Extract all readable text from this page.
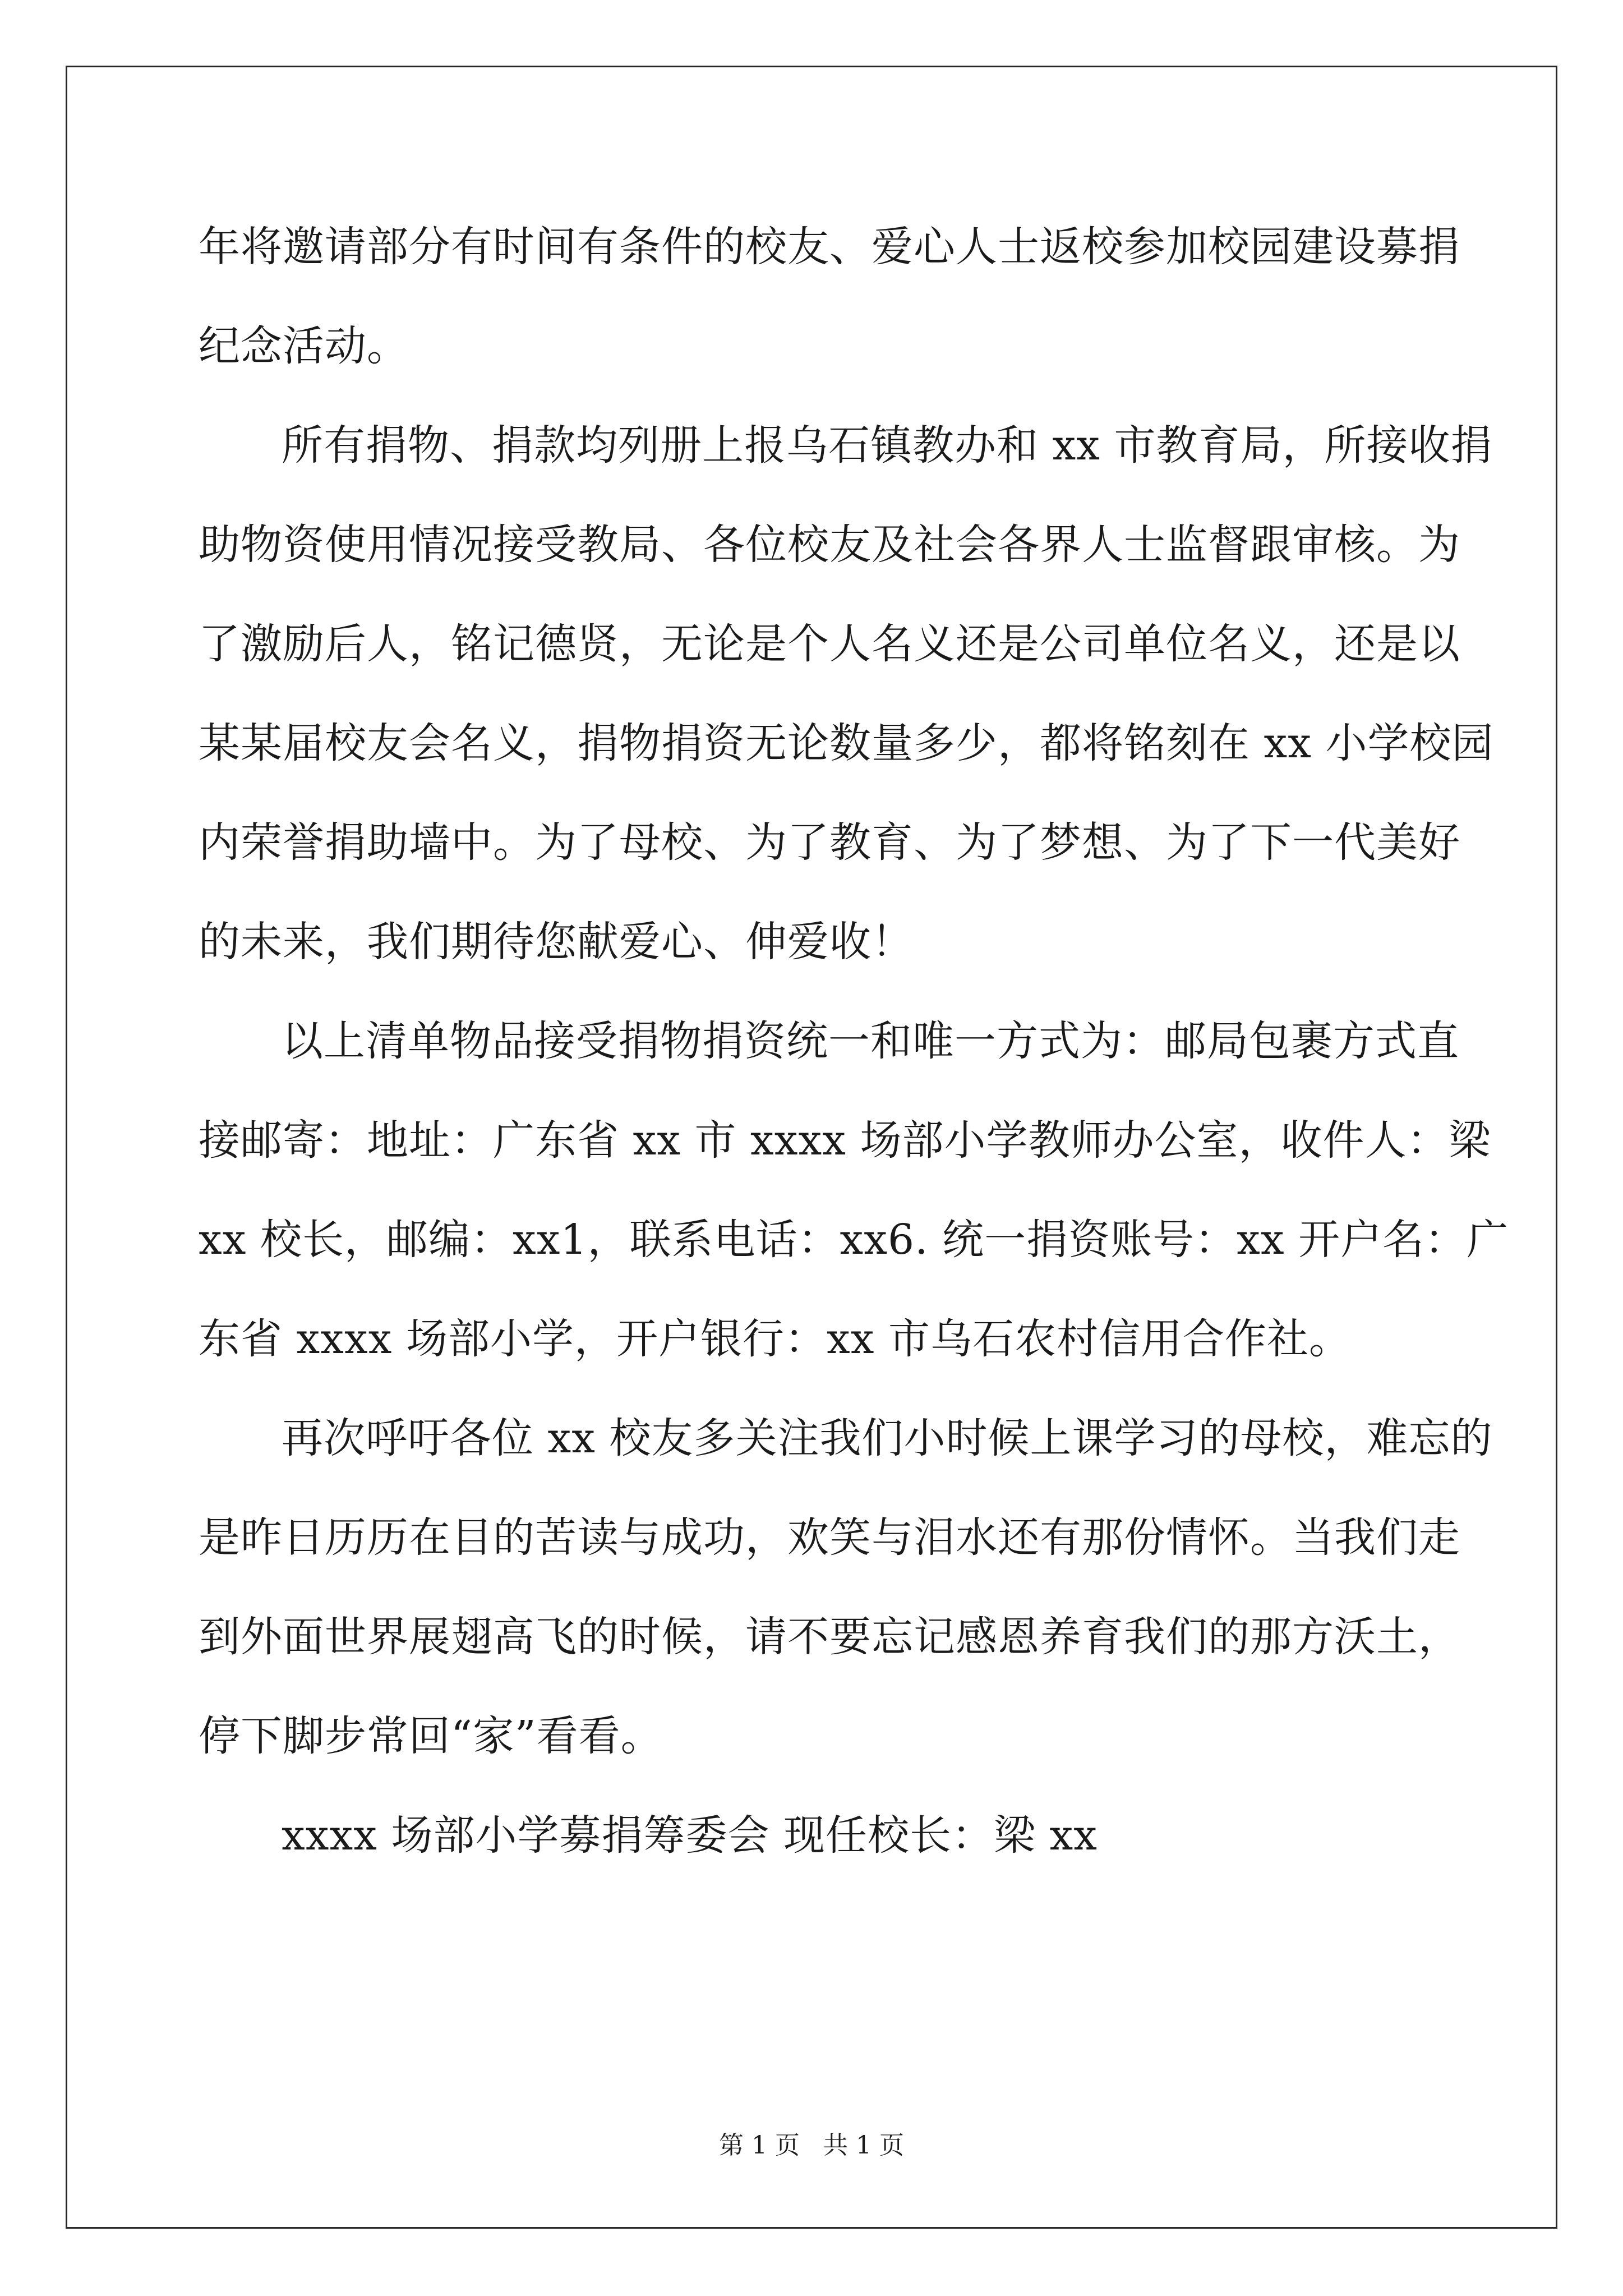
年将邀请部分有时间有条件的校友、爱心人士返校参加校园建设募捐
纪念活动。
所有捐物、捐款均列册上报乌石镇教办和 xx 市教育局，所接收捐
助物资使用情况接受教局、各位校友及社会各界人士监督跟审核。为
了激励后人，铭记德贤，无论是个人名义还是公司单位名义，还是以
某某届校友会名义，捐物捐资无论数量多少，都将铭刻在 xx 小学校园
内荣誉捐助墙中。为了母校、为了教育、为了梦想、为了下一代美好
的未来，我们期待您献爱心、伸爱收！
以上清单物品接受捐物捐资统一和唯一方式为：邮局包裹方式直
接邮寄：地址：广东省 xx 市 xxxx 场部小学教师办公室，收件人：梁
xx 校长，邮编：xx1，联系电话：xx6. 统一捐资账号：xx 开户名：广
东省 xxxx 场部小学，开户银行：xx 市乌石农村信用合作社。
再次呼吁各位 xx 校友多关注我们小时候上课学习的母校，难忘的
是昨日历历在目的苦读与成功，欢笑与泪水还有那份情怀。当我们走
到外面世界展翅高飞的时候，请不要忘记感恩养育我们的那方沃土，
停下脚步常回“家”看看。
xxxx 场部小学募捐筹委会 现任校长：梁 xx
第 1 页 共 1 页
